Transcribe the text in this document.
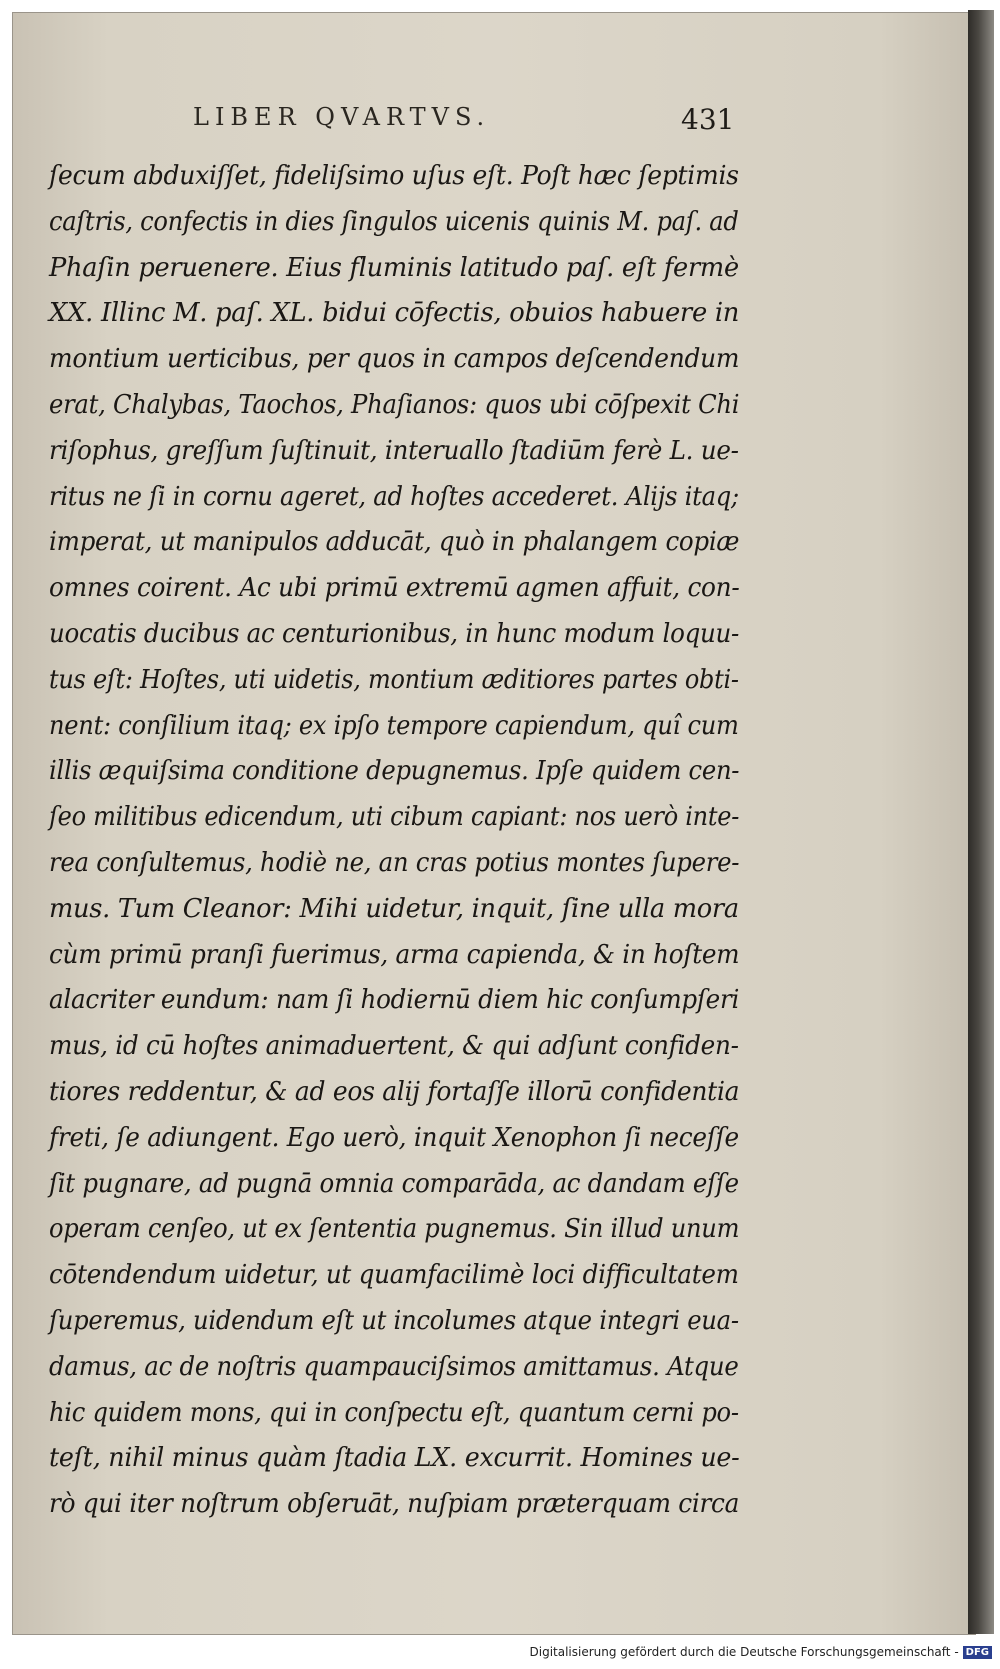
LIBER QVARTVS.	431
ſecum abduxiſſet, fideliſsimo uſus eſt. Poſt hæc ſeptimis
caſtris, confectis in dies ſingulos uicenis quinis M. paſ. ad
Phaſin peruenere. Eius fluminis latitudo paſ. eſt fermè
XX. Illinc M. paſ. XL. bidui cōfectis, obuios habuere in
montium uerticibus, per quos in campos deſcendendum
erat, Chalybas, Taochos, Phaſianos: quos ubi cōſpexit Chi
riſophus, greſſum ſuſtinuit, interuallo ſtadiūm ferè L. ue-
ritus ne ſi in cornu ageret, ad hoſtes accederet. Alijs itaq;
imperat, ut manipulos adducāt, quò in phalangem copiæ
omnes coirent. Ac ubi primū extremū agmen affuit, con-
uocatis ducibus ac centurionibus, in hunc modum loquu-
tus eſt: Hoſtes, uti uidetis, montium æditiores partes obti-
nent: conſilium itaq; ex ipſo tempore capiendum, quî cum
illis æquiſsima conditione depugnemus. Ipſe quidem cen-
ſeo militibus edicendum, uti cibum capiant: nos uerò inte-
rea conſultemus, hodiè ne, an cras potius montes ſupere-
mus. Tum Cleanor: Mihi uidetur, inquit, ſine ulla mora
cùm primū pranſi fuerimus, arma capienda, & in hoſtem
alacriter eundum: nam ſi hodiernū diem hic conſumpſeri
mus, id cū hoſtes animaduertent, & qui adſunt confiden-
tiores reddentur, & ad eos alij fortaſſe illorū confidentia
freti, ſe adiungent. Ego uerò, inquit Xenophon ſi neceſſe
ſit pugnare, ad pugnā omnia comparāda, ac dandam eſſe
operam cenſeo, ut ex ſententia pugnemus. Sin illud unum
cōtendendum uidetur, ut quamfacilimè loci difficultatem
ſuperemus, uidendum eſt ut incolumes atque integri eua-
damus, ac de noſtris quampauciſsimos amittamus. Atque
hic quidem mons, qui in conſpectu eſt, quantum cerni po-
teſt, nihil minus quàm ſtadia LX. excurrit. Homines ue-
rò qui iter noſtrum obſeruāt, nuſpiam præterquam circa
Digitalisierung gefördert durch die Deutsche Forschungsgemeinschaft - DFG
